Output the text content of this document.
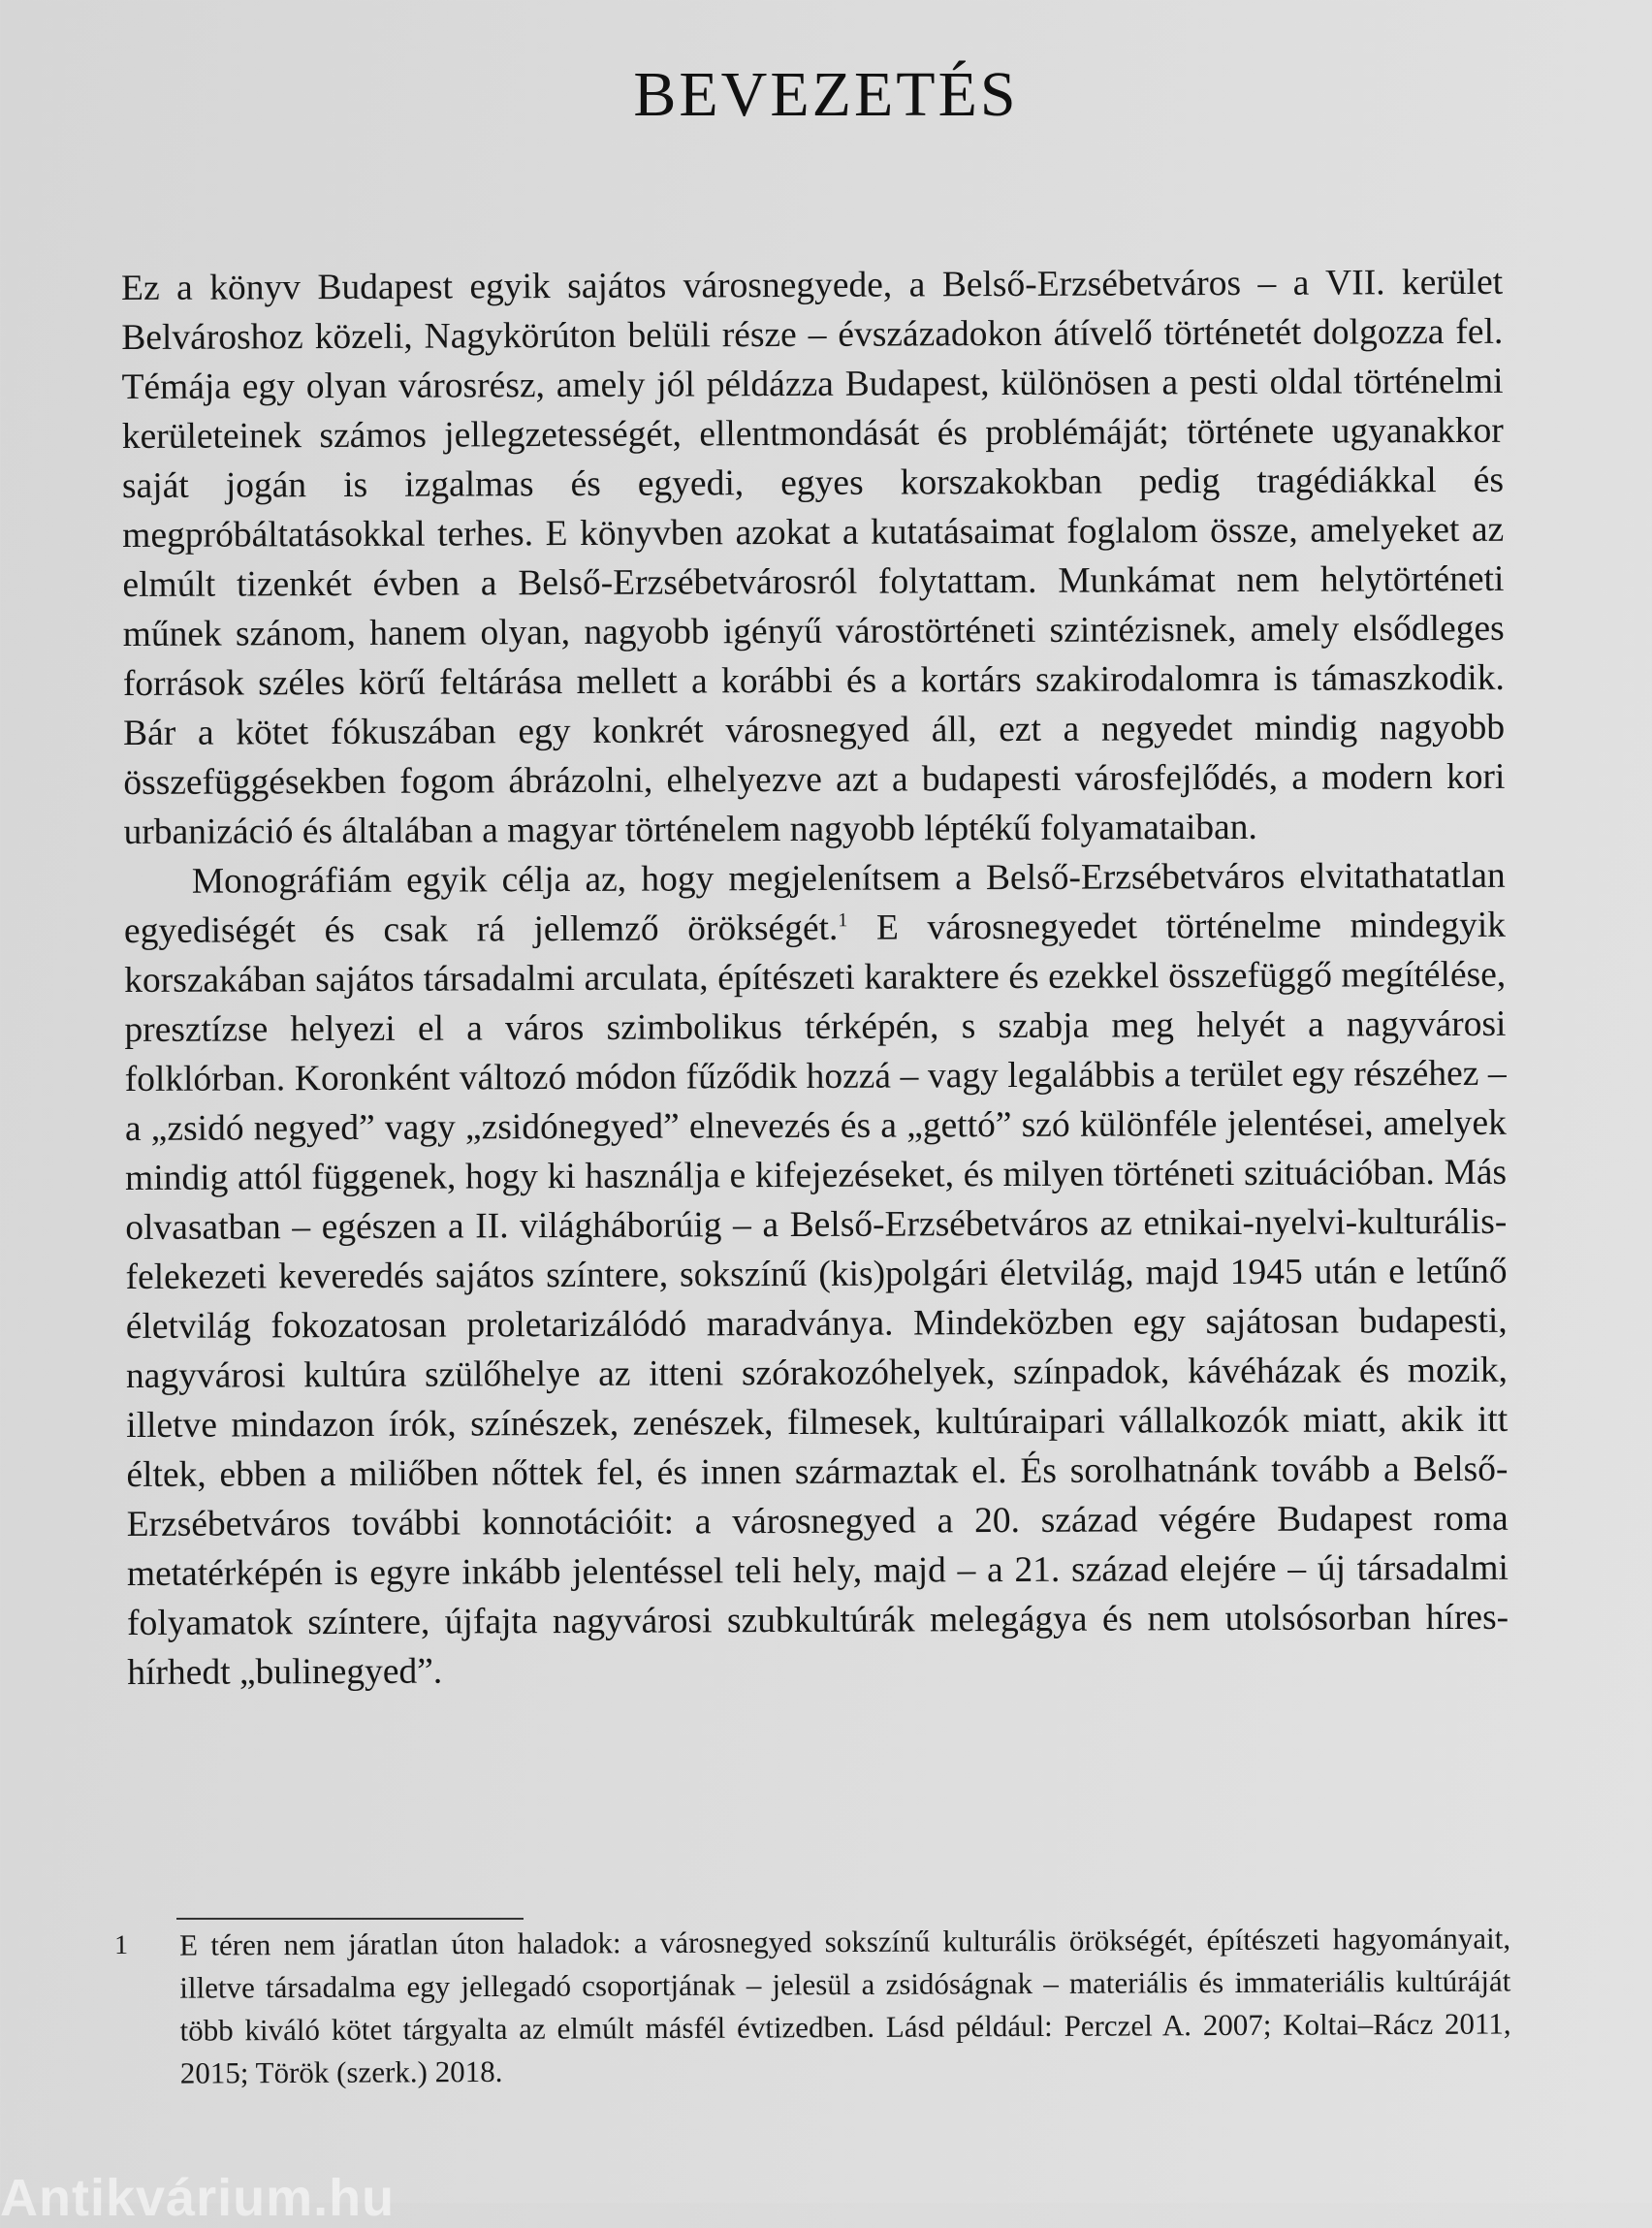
BEVEZETÉS

Ez a könyv Budapest egyik sajátos városnegyede, a Belső-Erzsébetváros – a VII. kerület Belvároshoz közeli, Nagykörúton belüli része – évszázadokon átívelő történetét dolgozza fel. Témája egy olyan városrész, amely jól példázza Budapest, különösen a pesti oldal történelmi kerületeinek számos jellegzetességét, ellentmondását és problémáját; története ugyanakkor saját jogán is izgalmas és egyedi, egyes korszakokban pedig tragédiákkal és megpróbáltatásokkal terhes. E könyvben azokat a kutatásaimat foglalom össze, amelyeket az elmúlt tizenkét évben a Belső-Erzsébetvárosról folytattam. Munkámat nem helytörténeti műnek szánom, hanem olyan, nagyobb igényű várostörténeti szintézisnek, amely elsődleges források széles körű feltárása mellett a korábbi és a kortárs szakirodalomra is támaszkodik. Bár a kötet fókuszában egy konkrét városnegyed áll, ezt a negyedet mindig nagyobb összefüggésekben fogom ábrázolni, elhelyezve azt a budapesti városfejlődés, a modern kori urbanizáció és általában a magyar történelem nagyobb léptékű folyamataiban.

Monográfiám egyik célja az, hogy megjelenítsem a Belső-Erzsébetváros elvitathatatlan egyediségét és csak rá jellemző örökségét.$^1$ E városnegyedet történelme mindegyik korszakában sajátos társadalmi arculata, építészeti karaktere és ezekkel összefüggő megítélése, presztízse helyezi el a város szimbolikus térképén, s szabja meg helyét a nagyvárosi folklórban. Koronként változó módon fűződik hozzá – vagy legalábbis a terület egy részéhez – a „zsidó negyed” vagy „zsidónegyed” elnevezés és a „gettó” szó különféle jelentései, amelyek mindig attól függenek, hogy ki használja e kifejezéseket, és milyen történeti szituációban. Más olvasatban – egészen a II. világháborúig – a Belső-Erzsébetváros az etnikai-nyelvi-kulturális-felekezeti keveredés sajátos színtere, sokszínű (kis)polgári életvilág, majd 1945 után e letűnő életvilág fokozatosan proletarizálódó maradványa. Mindeközben egy sajátosan budapesti, nagyvárosi kultúra szülőhelye az itteni szórakozóhelyek, színpadok, kávéházak és mozik, illetve mindazon írók, színészek, zenészek, filmesek, kultúraipari vállalkozók miatt, akik itt éltek, ebben a miliőben nőttek fel, és innen származtak el. És sorolhatnánk tovább a Belső-Erzsébetváros további konnotációit: a városnegyed a 20. század végére Budapest roma metatérképén is egyre inkább jelentéssel teli hely, majd – a 21. század elejére – új társadalmi folyamatok színtere, újfajta nagyvárosi szubkultúrák melegágya és nem utolsósorban híres-hírhedt „bulinegyed”.

1 E téren nem járatlan úton haladok: a városnegyed sokszínű kulturális örökségét, építészeti hagyományait, illetve társadalma egy jellegadó csoportjának – jelesül a zsidóságnak – materiális és immateriális kultúráját több kiváló kötet tárgyalta az elmúlt másfél évtizedben. Lásd például: Perczel A. 2007; Koltai–Rácz 2011, 2015; Török (szerk.) 2018.
Antikvárium.hu
